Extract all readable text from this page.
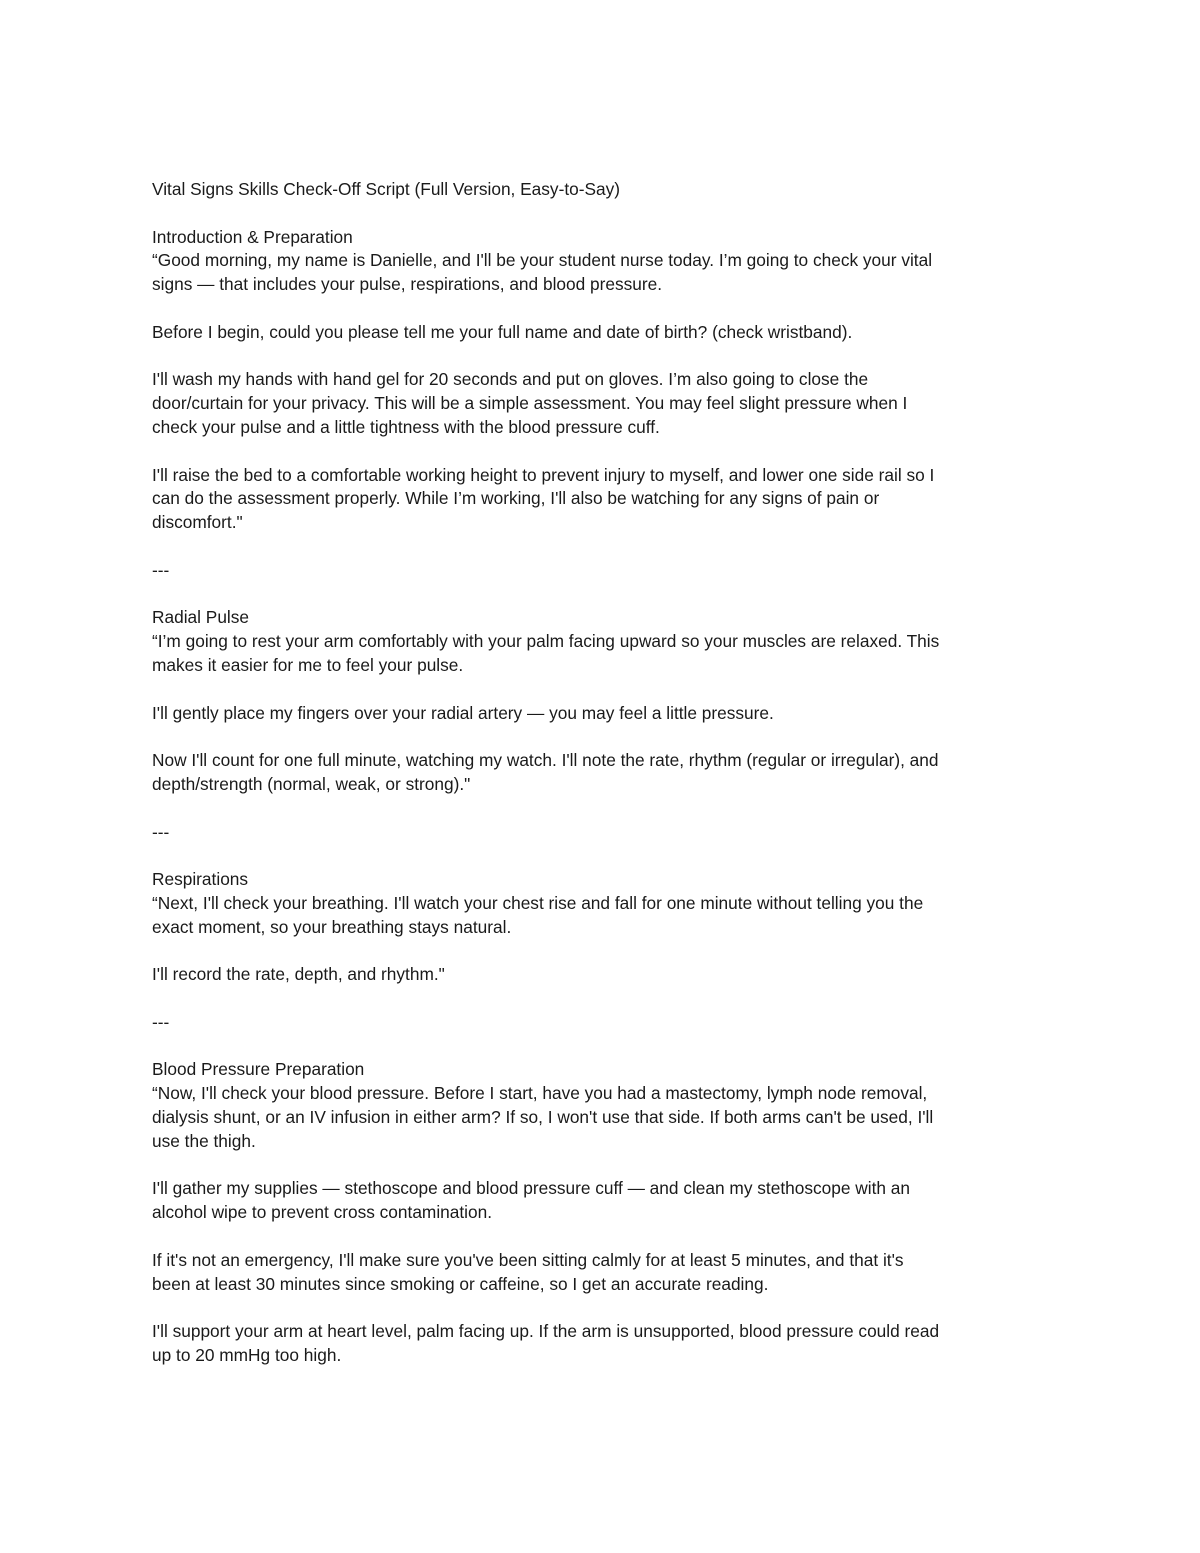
Vital Signs Skills Check-Off Script (Full Version, Easy-to-Say)

Introduction & Preparation

“Good morning, my name is Danielle, and I'll be your student nurse today. I’m going to check your vital

signs — that includes your pulse, respirations, and blood pressure.

Before I begin, could you please tell me your full name and date of birth? (check wristband).

I'll wash my hands with hand gel for 20 seconds and put on gloves. I’m also going to close the

door/curtain for your privacy. This will be a simple assessment. You may feel slight pressure when I

check your pulse and a little tightness with the blood pressure cuff.

I'll raise the bed to a comfortable working height to prevent injury to myself, and lower one side rail so I

can do the assessment properly. While I’m working, I'll also be watching for any signs of pain or

discomfort."

---

Radial Pulse

“I’m going to rest your arm comfortably with your palm facing upward so your muscles are relaxed. This

makes it easier for me to feel your pulse.

I'll gently place my fingers over your radial artery — you may feel a little pressure.

Now I'll count for one full minute, watching my watch. I'll note the rate, rhythm (regular or irregular), and

depth/strength (normal, weak, or strong)."

---

Respirations

“Next, I'll check your breathing. I'll watch your chest rise and fall for one minute without telling you the

exact moment, so your breathing stays natural.

I'll record the rate, depth, and rhythm."

---

Blood Pressure Preparation

“Now, I'll check your blood pressure. Before I start, have you had a mastectomy, lymph node removal,

dialysis shunt, or an IV infusion in either arm? If so, I won't use that side. If both arms can't be used, I'll

use the thigh.

I'll gather my supplies — stethoscope and blood pressure cuff — and clean my stethoscope with an

alcohol wipe to prevent cross contamination.

If it's not an emergency, I'll make sure you've been sitting calmly for at least 5 minutes, and that it's

been at least 30 minutes since smoking or caffeine, so I get an accurate reading.

I'll support your arm at heart level, palm facing up. If the arm is unsupported, blood pressure could read

up to 20 mmHg too high.
